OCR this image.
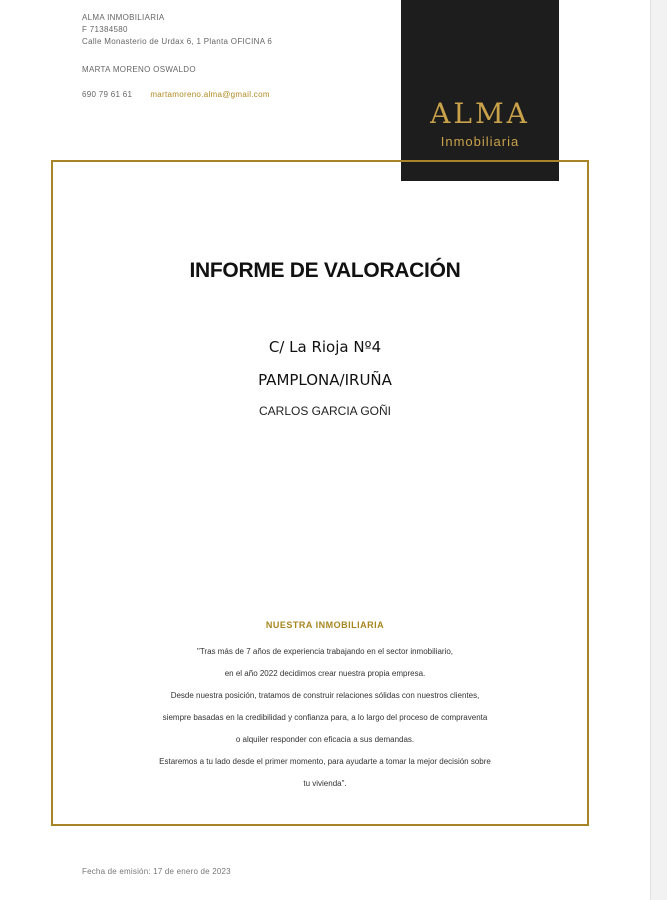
ALMA INMOBILIARIA
F 71384580
Calle Monasterio de Urdax 6, 1 Planta OFICINA 6
MARTA MORENO OSWALDO
690 79 61 61 martamoreno.alma@gmail.com
ALMA
Inmobiliaria
INFORME DE VALORACIÓN
C/ La Rioja Nº4
PAMPLONA/IRUÑA
CARLOS GARCIA GOÑI
NUESTRA INMOBILIARIA
"Tras más de 7 años de experiencia trabajando en el sector inmobiliario,
en el año 2022 decidimos crear nuestra propia empresa.
Desde nuestra posición, tratamos de construir relaciones sólidas con nuestros clientes,
siempre basadas en la credibilidad y confianza para, a lo largo del proceso de compraventa
o alquiler responder con eficacia a sus demandas.
Estaremos a tu lado desde el primer momento, para ayudarte a tomar la mejor decisión sobre
tu vivienda".
Fecha de emisión: 17 de enero de 2023
